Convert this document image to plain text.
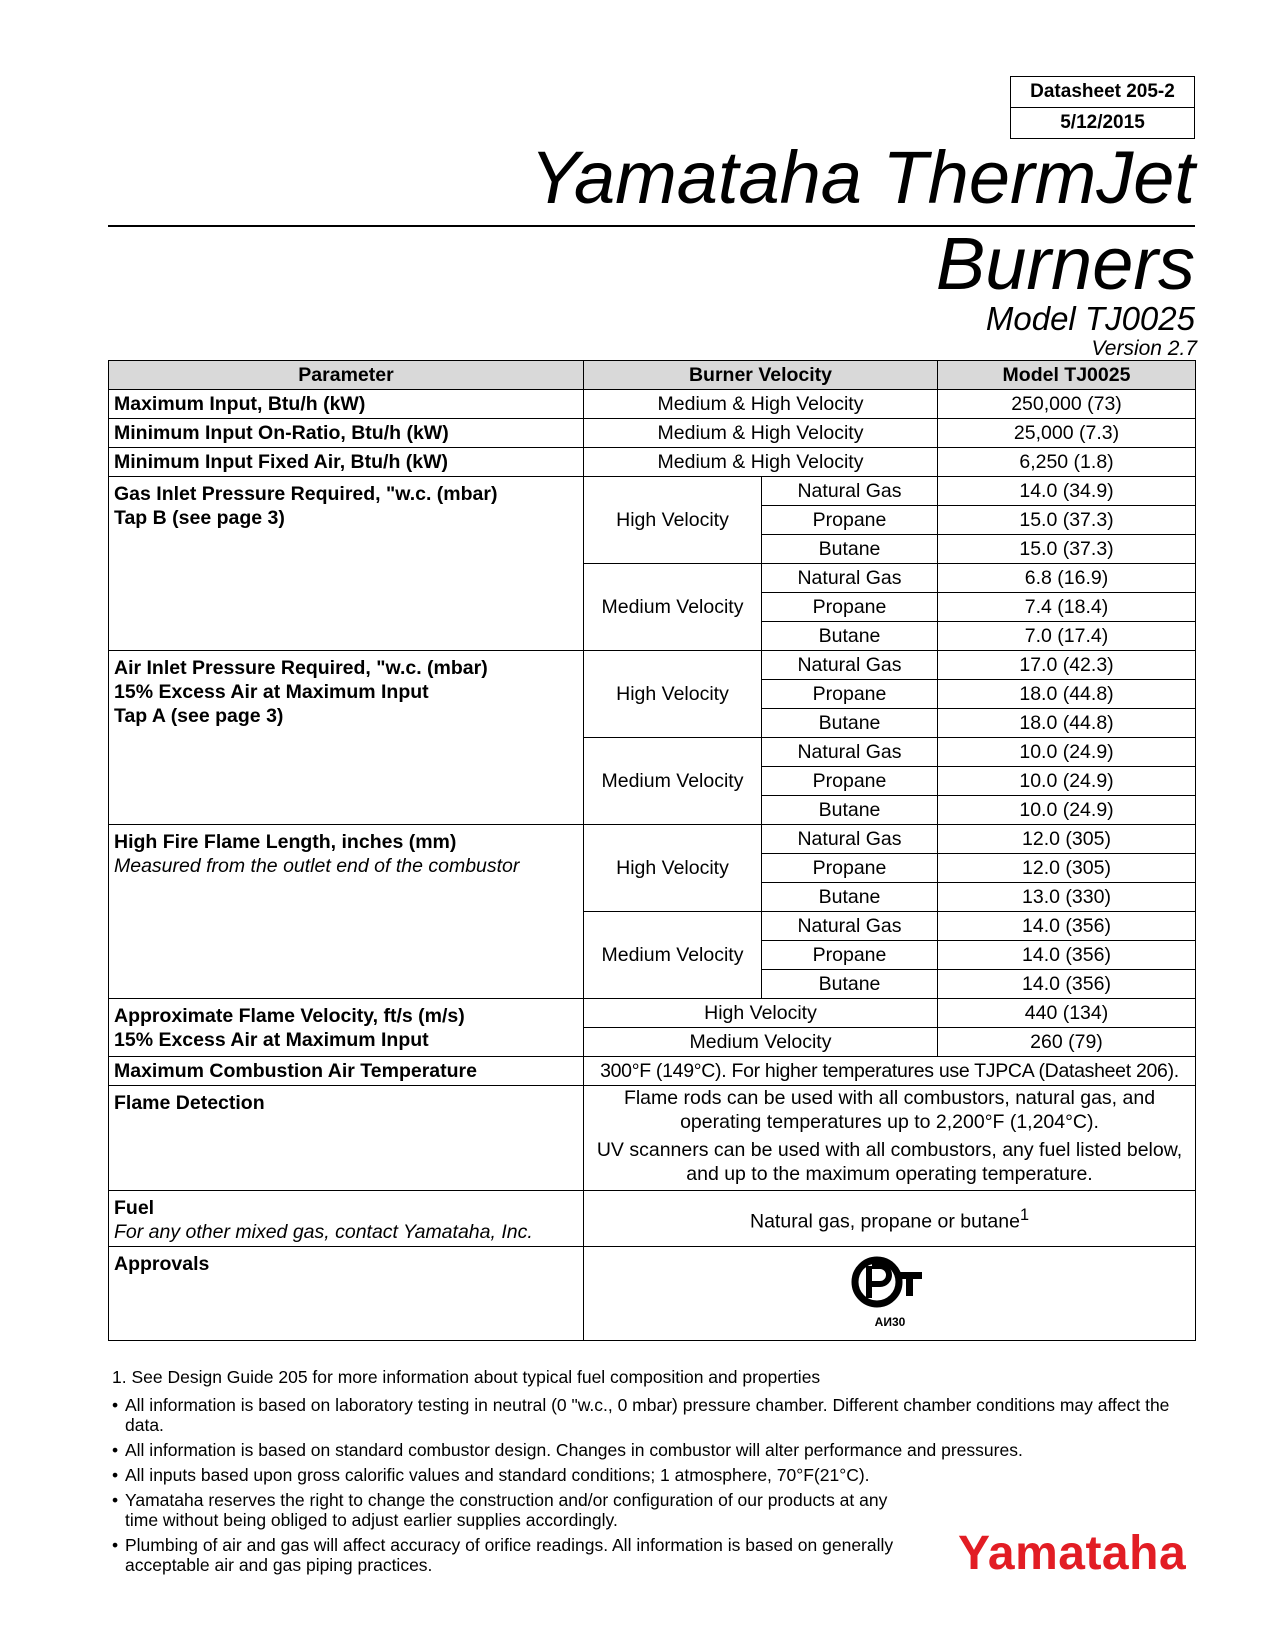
Datasheet 205-2
5/12/2015
Yamataha ThermJet
Burners
Model TJ0025
Version 2.7
Parameter	Burner Velocity		Model TJ0025
Maximum Input, Btu/h (kW)	Medium & High Velocity		250,000 (73)
Minimum Input On-Ratio, Btu/h (kW)	Medium & High Velocity		25,000 (7.3)
Minimum Input Fixed Air, Btu/h (kW)	Medium & High Velocity		6,250 (1.8)

Gas Inlet Pressure Required, "w.c. (mbar)
Tap B (see page 3)	High Velocity	Natural Gas	14.0 (34.9)
		Propane	15.0 (37.3)
		Butane	15.0 (37.3)
	Medium Velocity	Natural Gas	6.8 (16.9)
		Propane	7.4 (18.4)
		Butane	7.0 (17.4)

Air Inlet Pressure Required, "w.c. (mbar)
15% Excess Air at Maximum Input
Tap A (see page 3)	High Velocity	Natural Gas	17.0 (42.3)
		Propane	18.0 (44.8)
		Butane	18.0 (44.8)
	Medium Velocity	Natural Gas	10.0 (24.9)
		Propane	10.0 (24.9)
		Butane	10.0 (24.9)

High Fire Flame Length, inches (mm)
Measured from the outlet end of the combustor	High Velocity	Natural Gas	12.0 (305)
		Propane	12.0 (305)
		Butane	13.0 (330)
	Medium Velocity	Natural Gas	14.0 (356)
		Propane	14.0 (356)
		Butane	14.0 (356)

Approximate Flame Velocity, ft/s (m/s)
15% Excess Air at Maximum Input	High Velocity		440 (134)
	Medium Velocity		260 (79)
Maximum Combustion Air Temperature	300°F (149°C). For higher temperatures use TJPCA (Datasheet 206).		
Flame Detection	Flame rods can be used with all combustors, natural gas, and operating temperatures up to 2,200°F (1,204°C).

UV scanners can be used with all combustors, any fuel listed below, and up to the maximum operating temperature.		

Fuel
For any other mixed gas, contact Yamataha, Inc.	Natural gas, propane or butane$^1$
Approvals	АИ30		
1. See Design Guide 205 for more information about typical fuel composition and properties
• All information is based on laboratory testing in neutral (0 "w.c., 0 mbar) pressure chamber. Different chamber conditions may affect the data.
• All information is based on standard combustor design. Changes in combustor will alter performance and pressures.
• All inputs based upon gross calorific values and standard conditions; 1 atmosphere, 70°F(21°C).
• Yamataha reserves the right to change the construction and/or configuration of our products at any time without being obliged to adjust earlier supplies accordingly.
• Plumbing of air and gas will affect accuracy of orifice readings. All information is based on generally acceptable air and gas piping practices.	Yamataha
